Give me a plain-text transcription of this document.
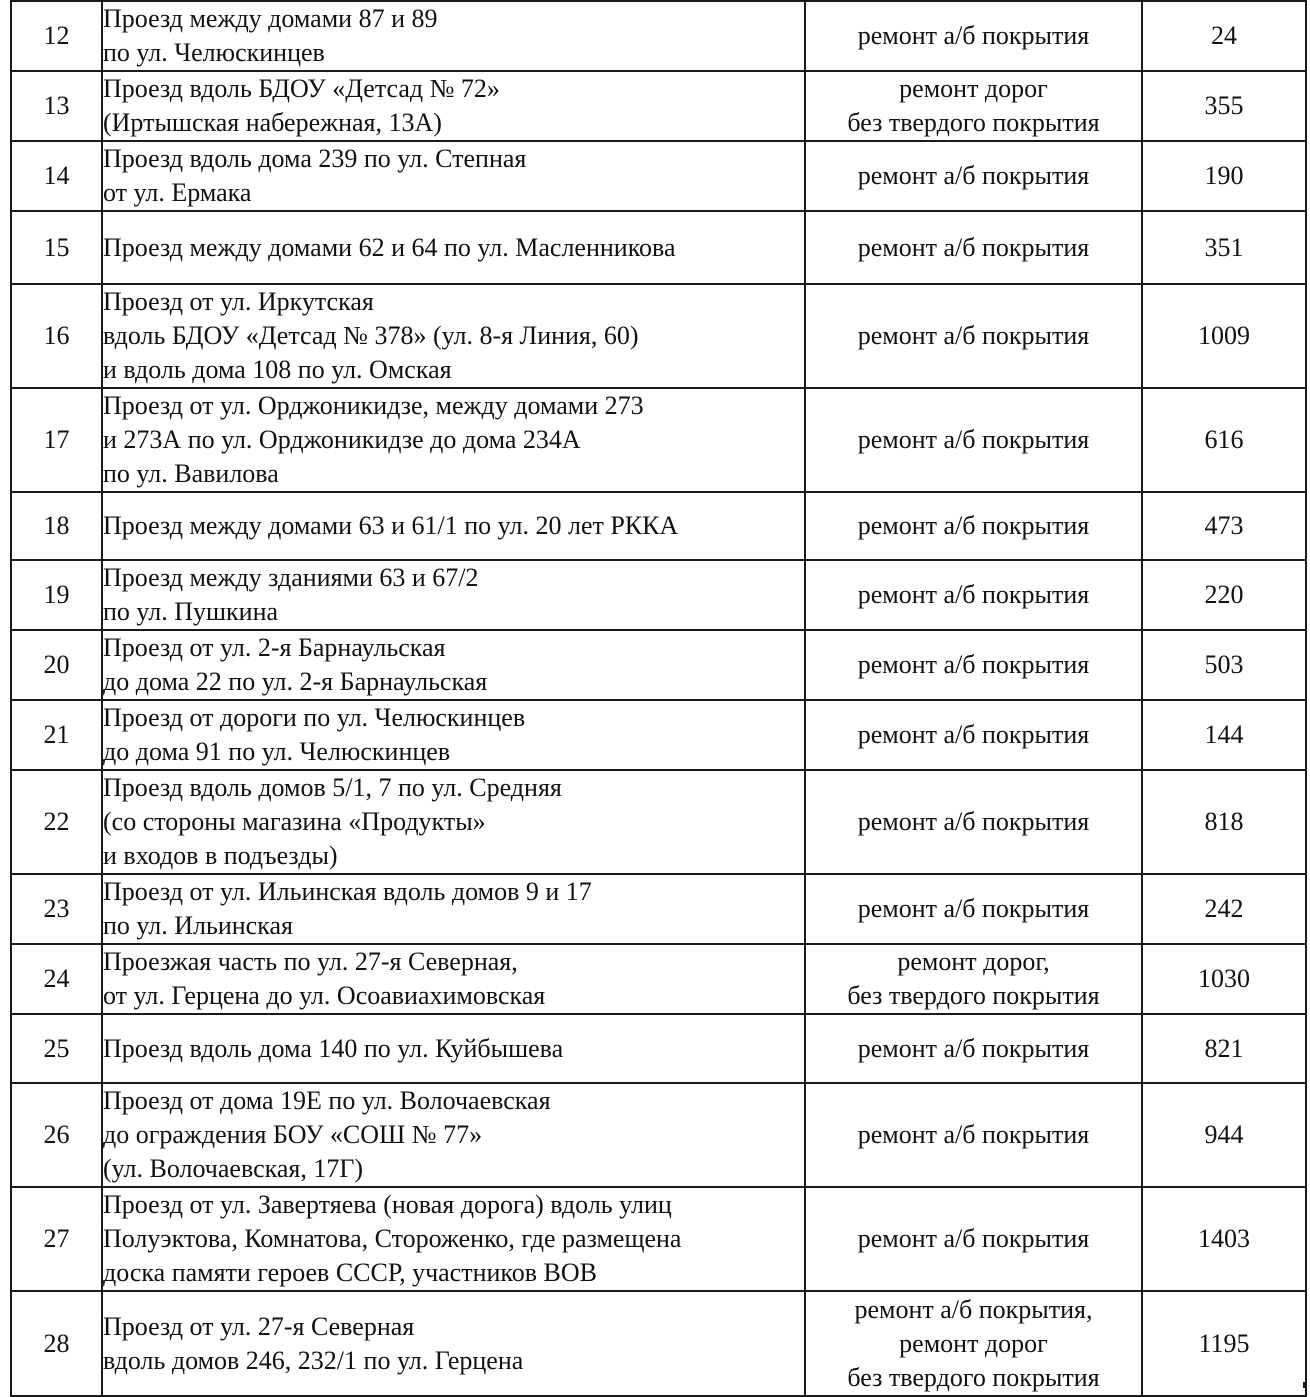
12	Проезд между домами 87 и 89
по ул. Челюскинцев	ремонт а/б покрытия	24
13	Проезд вдоль БДОУ «Детсад № 72»
(Иртышская набережная, 13А)	ремонт дорог
без твердого покрытия	355
14	Проезд вдоль дома 239 по ул. Степная
от ул. Ермака	ремонт а/б покрытия	190
15	Проезд между домами 62 и 64 по ул. Масленникова	ремонт а/б покрытия	351
16	Проезд от ул. Иркутская
вдоль БДОУ «Детсад № 378» (ул. 8-я Линия, 60)
и вдоль дома 108 по ул. Омская	ремонт а/б покрытия	1009
17	Проезд от ул. Орджоникидзе, между домами 273
и 273А по ул. Орджоникидзе до дома 234А
по ул. Вавилова	ремонт а/б покрытия	616
18	Проезд между домами 63 и 61/1 по ул. 20 лет РККА	ремонт а/б покрытия	473
19	Проезд между зданиями 63 и 67/2
по ул. Пушкина	ремонт а/б покрытия	220
20	Проезд от ул. 2-я Барнаульская
до дома 22 по ул. 2-я Барнаульская	ремонт а/б покрытия	503
21	Проезд от дороги по ул. Челюскинцев
до дома 91 по ул. Челюскинцев	ремонт а/б покрытия	144
22	Проезд вдоль домов 5/1, 7 по ул. Средняя
(со стороны магазина «Продукты»
и входов в подъезды)	ремонт а/б покрытия	818
23	Проезд от ул. Ильинская вдоль домов 9 и 17
по ул. Ильинская	ремонт а/б покрытия	242
24	Проезжая часть по ул. 27-я Северная,
от ул. Герцена до ул. Осоавиахимовская	ремонт дорог,
без твердого покрытия	1030
25	Проезд вдоль дома 140 по ул. Куйбышева	ремонт а/б покрытия	821
26	Проезд от дома 19Е по ул. Волочаевская
до ограждения БОУ «СОШ № 77»
(ул. Волочаевская, 17Г)	ремонт а/б покрытия	944
27	Проезд от ул. Завертяева (новая дорога) вдоль улиц
Полуэктова, Комнатова, Стороженко, где размещена
доска памяти героев СССР, участников ВОВ	ремонт а/б покрытия	1403
28	Проезд от ул. 27-я Северная
вдоль домов 246, 232/1 по ул. Герцена	ремонт а/б покрытия,
ремонт дорог
без твердого покрытия	1195
